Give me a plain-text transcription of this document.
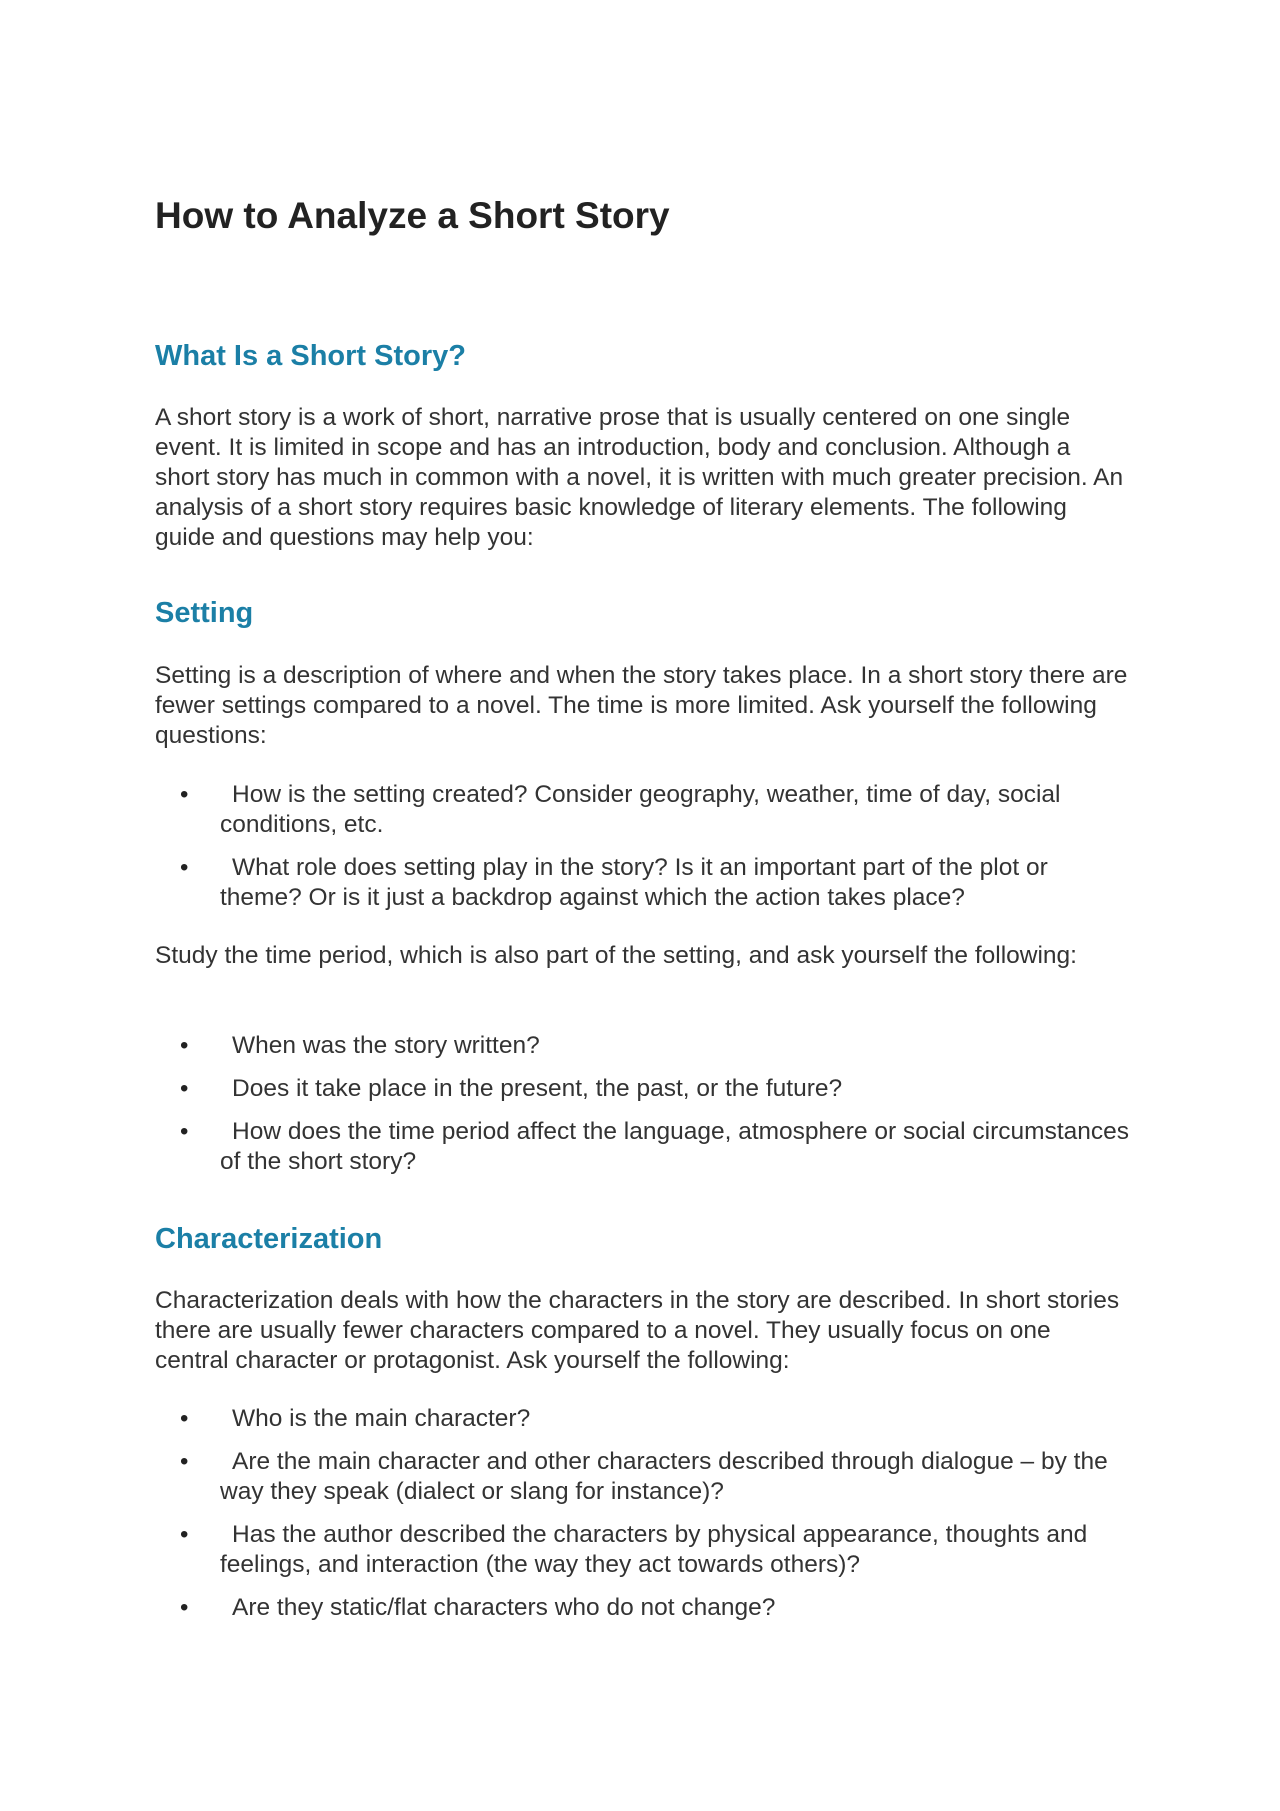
How to Analyze a Short Story
What Is a Short Story?

A short story is a work of short, narrative prose that is usually centered on one single event. It is limited in scope and has an introduction, body and conclusion. Although a short story has much in common with a novel, it is written with much greater precision. An analysis of a short story requires basic knowledge of literary elements. The following guide and questions may help you:

Setting

Setting is a description of where and when the story takes place. In a short story there are fewer settings compared to a novel. The time is more limited. Ask yourself the following questions:

• How is the setting created? Consider geography, weather, time of day, social conditions, etc.
• What role does setting play in the story? Is it an important part of the plot or theme? Or is it just a backdrop against which the action takes place?

Study the time period, which is also part of the setting, and ask yourself the following:

• When was the story written?
• Does it take place in the present, the past, or the future?
• How does the time period affect the language, atmosphere or social circumstances of the short story?
Characterization

Characterization deals with how the characters in the story are described. In short stories there are usually fewer characters compared to a novel. They usually focus on one central character or protagonist. Ask yourself the following:

• Who is the main character?
• Are the main character and other characters described through dialogue – by the way they speak (dialect or slang for instance)?
• Has the author described the characters by physical appearance, thoughts and feelings, and interaction (the way they act towards others)?
• Are they static/flat characters who do not change?
